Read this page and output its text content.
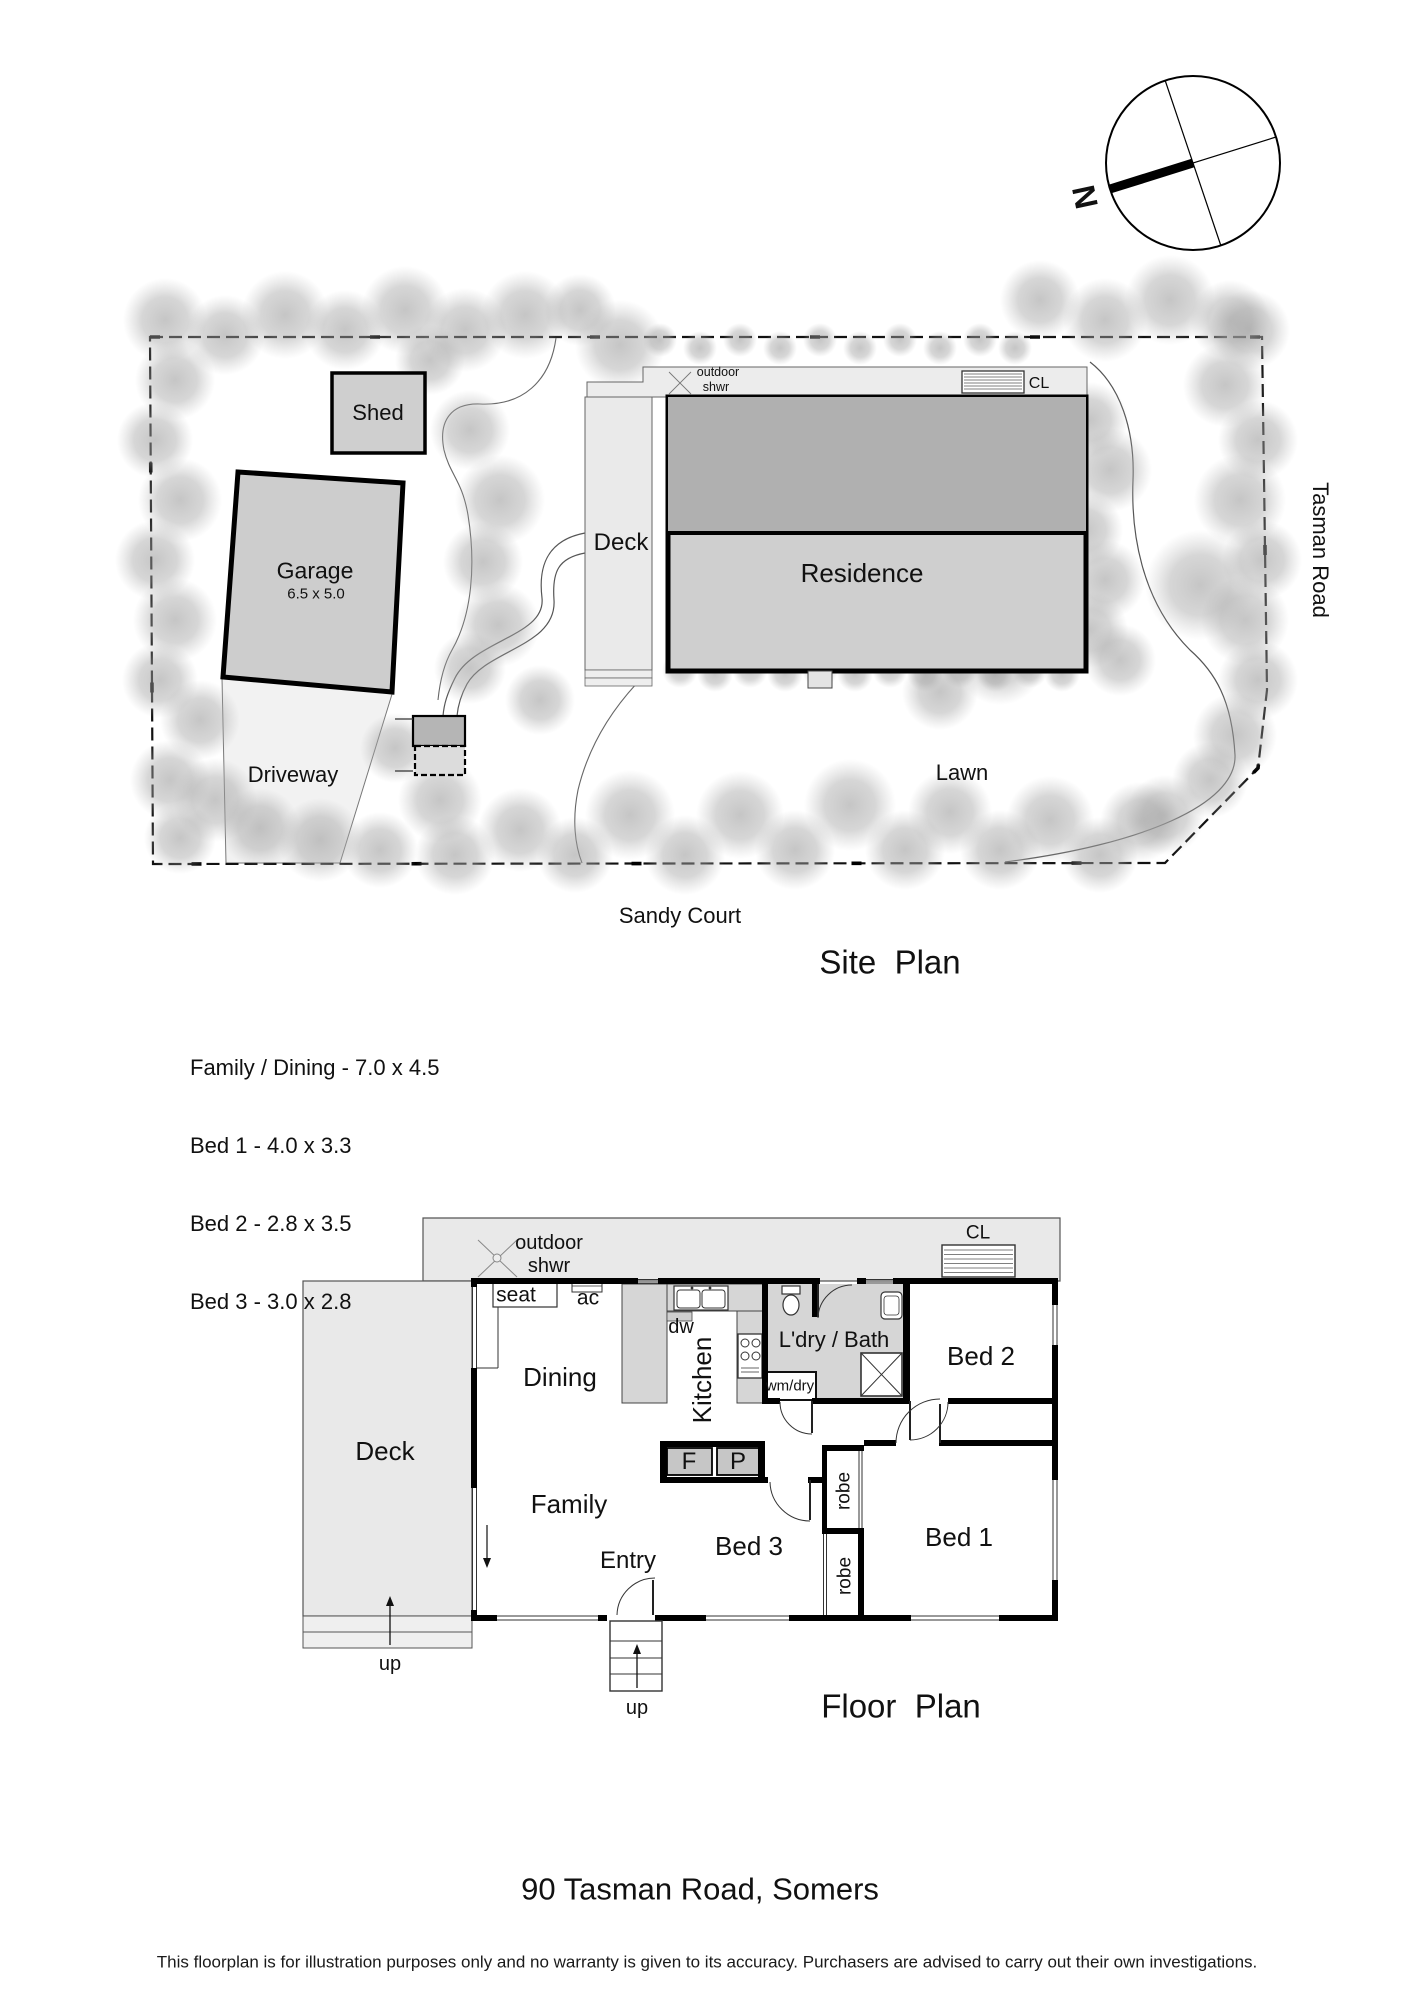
N
Shed
Garage
6.5 x 5.0
Driveway
Deck
Residence
Lawn
outdoor
shwr	CL
Sandy Court
Tasman Road
Site  Plan

Family / Dining - 7.0 x 4.5

Bed 1 - 4.0 x 3.3

Bed 2 - 2.8 x 3.5

Bed 3 - 3.0 x 2.8

outdoor
shwr
seat ac
dw
Kitchen	L'dry / Bath
wm/dry
CL
Bed 2
Dining
Deck
Family
Entry Bed 3	Bed 1
robe
robe
F P
up
up	Floor  Plan
90 Tasman Road, Somers
This floorplan is for illustration purposes only and no warranty is given to its accuracy. Purchasers are advised to carry out their own investigations.
